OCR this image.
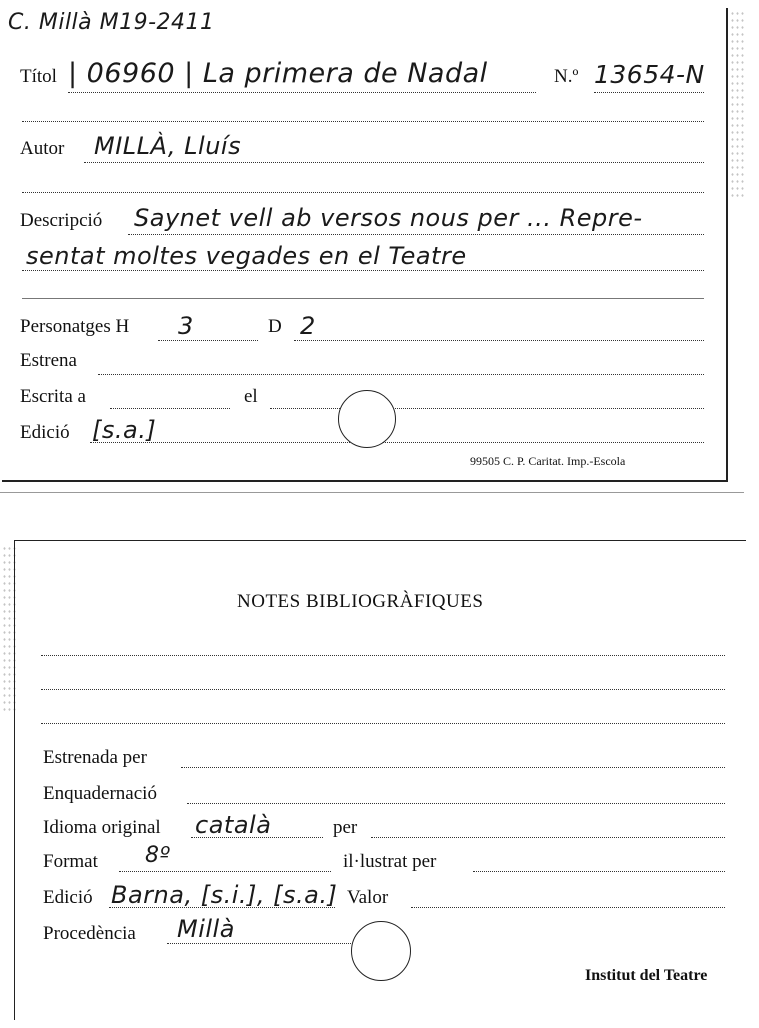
C. Millà M19-2411
Títol | 06960 | La primera de Nadal	N.º 13654-N
Autor MILLÀ, Lluís
Descripció Saynet vell ab versos nous per ... Repre-
sentat moltes vegades en el Teatre
Personatges H 3	D 2
Estrena
Escrita a	el
Edició [s.a.]
99505 C. P. Caritat. Imp.-Escola
NOTES BIBLIOGRÀFIQUES
Estrenada per
Enquadernació
Idioma original català	per
Format 8º	il·lustrat per
Edició Barna, [s.i.], [s.a.] Valor
Procedència Millà
Institut del Teatre
